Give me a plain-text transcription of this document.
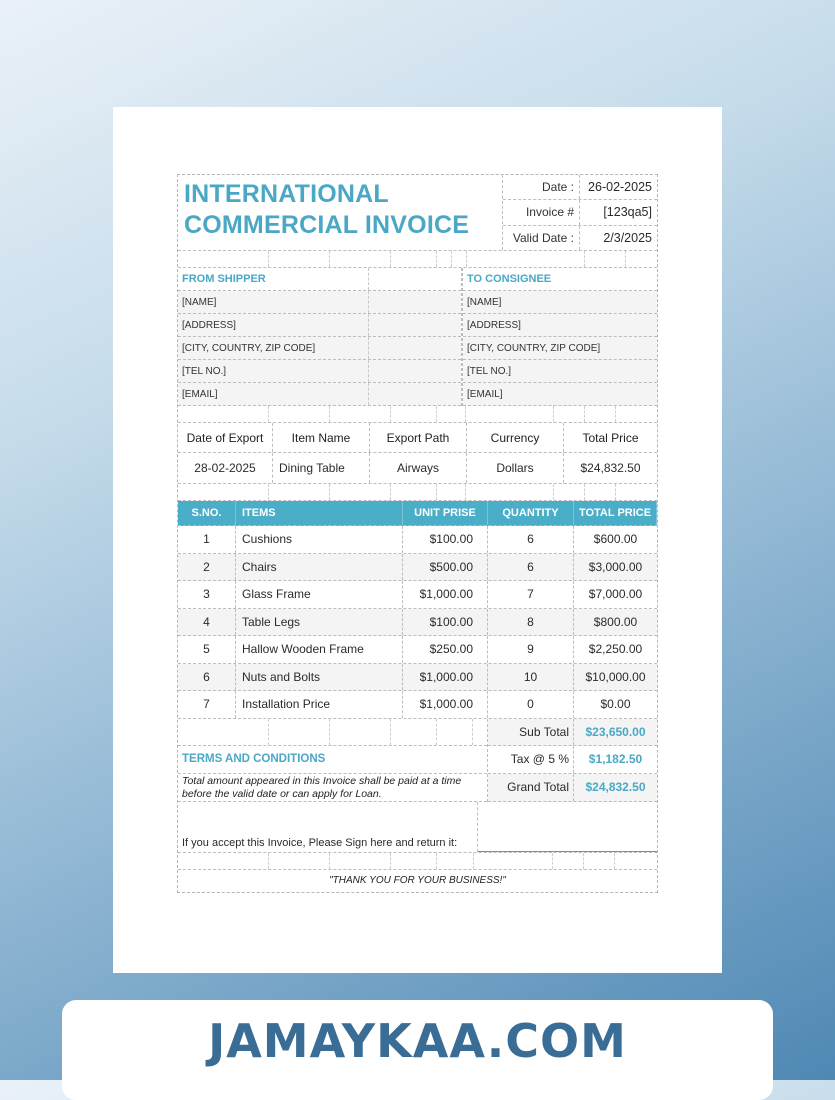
INTERNATIONAL
COMMERCIAL INVOICE
Date :	26-02-2025
Invoice #	[123qa5]
Valid Date :	2/3/2025
FROM SHIPPER
[NAME]
[ADDRESS]
[CITY, COUNTRY, ZIP CODE]
[TEL NO.]
[EMAIL]
TO CONSIGNEE
[NAME]
[ADDRESS]
[CITY, COUNTRY, ZIP CODE]
[TEL NO.]
[EMAIL]
Date of Export	Item Name	Export Path	Currency	Total Price
28-02-2025	Dining Table	Airways	Dollars	$24,832.50
S.NO.	ITEMS	UNIT PRISE	QUANTITY	TOTAL PRICE
1	Cushions	$100.00	6	$600.00
2	Chairs	$500.00	6	$3,000.00
3	Glass Frame	$1,000.00	7	$7,000.00
4	Table Legs	$100.00	8	$800.00
5	Hallow Wooden Frame	$250.00	9	$2,250.00
6	Nuts and Bolts	$1,000.00	10	$10,000.00
7	Installation Price	$1,000.00	0	$0.00
TERMS AND CONDITIONS
Total amount appeared in this Invoice shall be paid at a time before the valid date or can apply for Loan.
Sub Total	$23,650.00
Tax @ 5 %	$1,182.50
Grand Total	$24,832.50
If you accept this Invoice, Please Sign here and return it:
"THANK YOU FOR YOUR BUSINESS!"
JAMAYKAA.COM
